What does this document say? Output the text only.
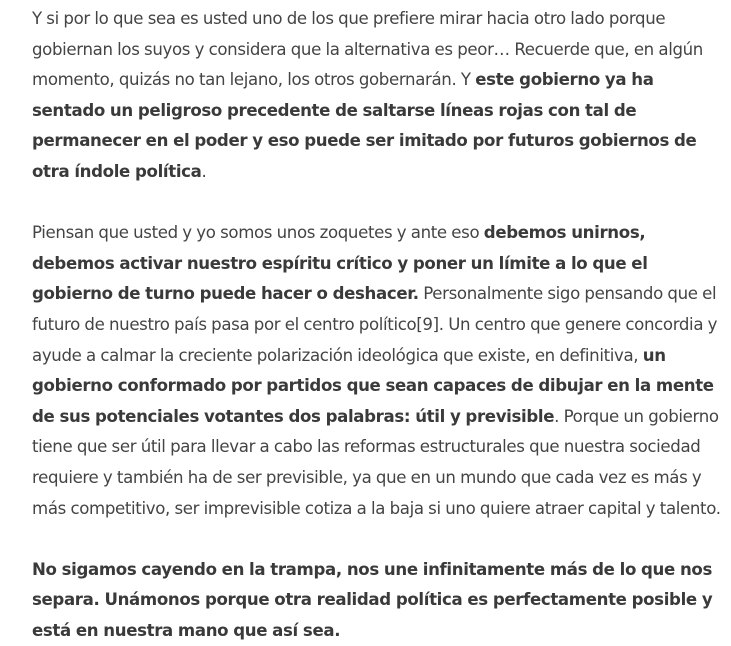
Y si por lo que sea es usted uno de los que prefiere mirar hacia otro lado porque gobiernan los suyos y considera que la alternativa es peor… Recuerde que, en algún momento, quizás no tan lejano, los otros gobernarán. Y este gobierno ya ha sentado un peligroso precedente de saltarse líneas rojas con tal de permanecer en el poder y eso puede ser imitado por futuros gobiernos de otra índole política.

Piensan que usted y yo somos unos zoquetes y ante eso debemos unirnos, debemos activar nuestro espíritu crítico y poner un límite a lo que el gobierno de turno puede hacer o deshacer. Personalmente sigo pensando que el futuro de nuestro país pasa por el centro político[9]. Un centro que genere concordia y ayude a calmar la creciente polarización ideológica que existe, en definitiva, un gobierno conformado por partidos que sean capaces de dibujar en la mente de sus potenciales votantes dos palabras: útil y previsible. Porque un gobierno tiene que ser útil para llevar a cabo las reformas estructurales que nuestra sociedad requiere y también ha de ser previsible, ya que en un mundo que cada vez es más y más competitivo, ser imprevisible cotiza a la baja si uno quiere atraer capital y talento.

No sigamos cayendo en la trampa, nos une infinitamente más de lo que nos separa. Unámonos porque otra realidad política es perfectamente posible y está en nuestra mano que así sea.
